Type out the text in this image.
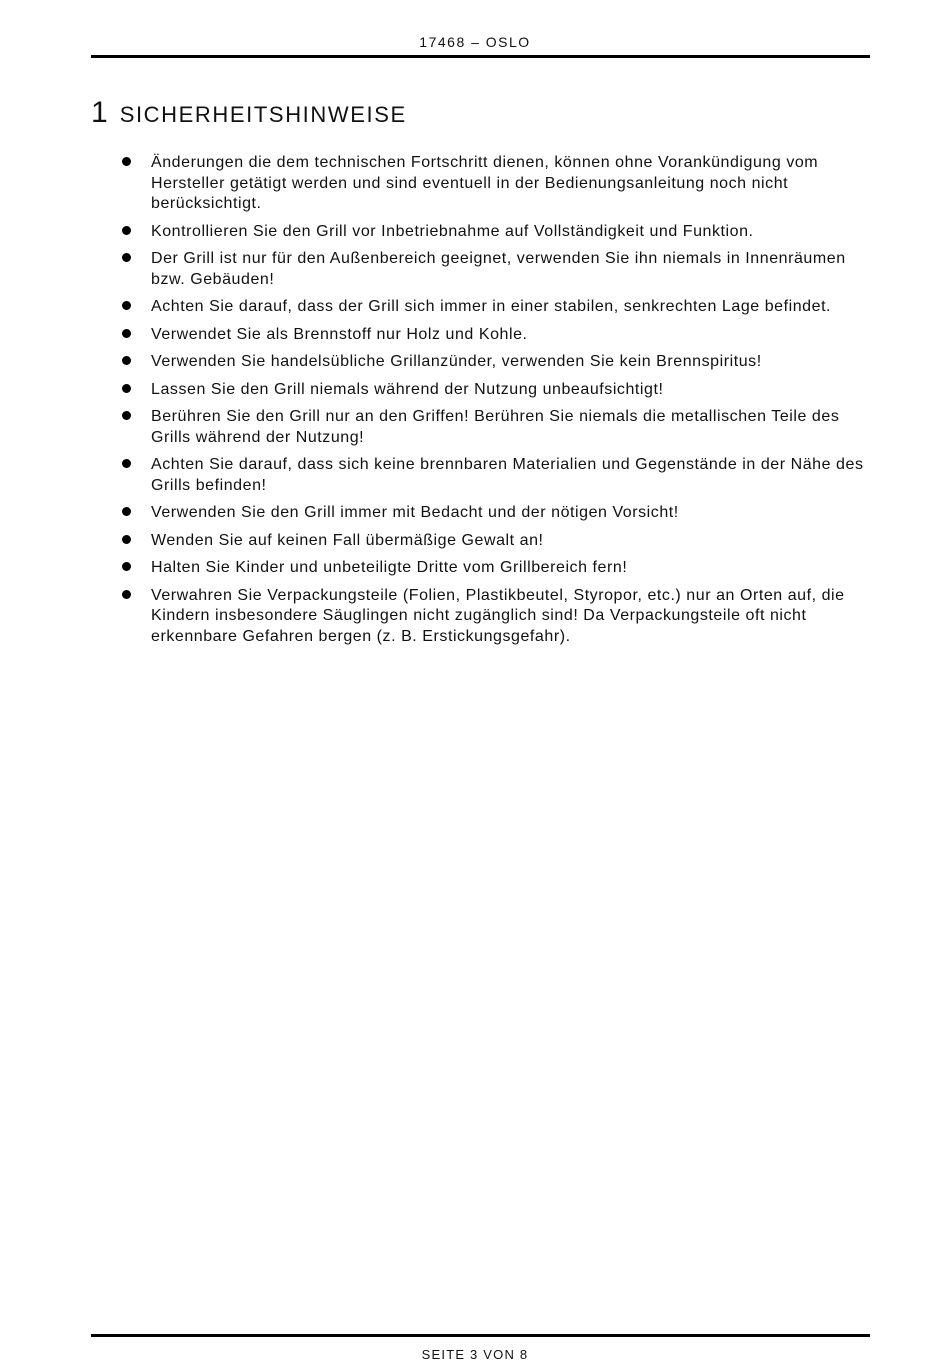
17468 – OSLO
1 SICHERHEITSHINWEISE
Änderungen die dem technischen Fortschritt dienen, können ohne Vorankündigung vom Hersteller getätigt werden und sind eventuell in der Bedienungsanleitung noch nicht berücksichtigt.
Kontrollieren Sie den Grill vor Inbetriebnahme auf Vollständigkeit und Funktion.
Der Grill ist nur für den Außenbereich geeignet, verwenden Sie ihn niemals in Innenräumen bzw. Gebäuden!
Achten Sie darauf, dass der Grill sich immer in einer stabilen, senkrechten Lage befindet.
Verwendet Sie als Brennstoff nur Holz und Kohle.
Verwenden Sie handelsübliche Grillanzünder, verwenden Sie kein Brennspiritus!
Lassen Sie den Grill niemals während der Nutzung unbeaufsichtigt!
Berühren Sie den Grill nur an den Griffen! Berühren Sie niemals die metallischen Teile des Grills während der Nutzung!
Achten Sie darauf, dass sich keine brennbaren Materialien und Gegenstände in der Nähe des Grills befinden!
Verwenden Sie den Grill immer mit Bedacht und der nötigen Vorsicht!
Wenden Sie auf keinen Fall übermäßige Gewalt an!
Halten Sie Kinder und unbeteiligte Dritte vom Grillbereich fern!
Verwahren Sie Verpackungsteile (Folien, Plastikbeutel, Styropor, etc.) nur an Orten auf, die Kindern insbesondere Säuglingen nicht zugänglich sind! Da Verpackungsteile oft nicht erkennbare Gefahren bergen (z. B. Erstickungsgefahr).
SEITE 3 VON 8
